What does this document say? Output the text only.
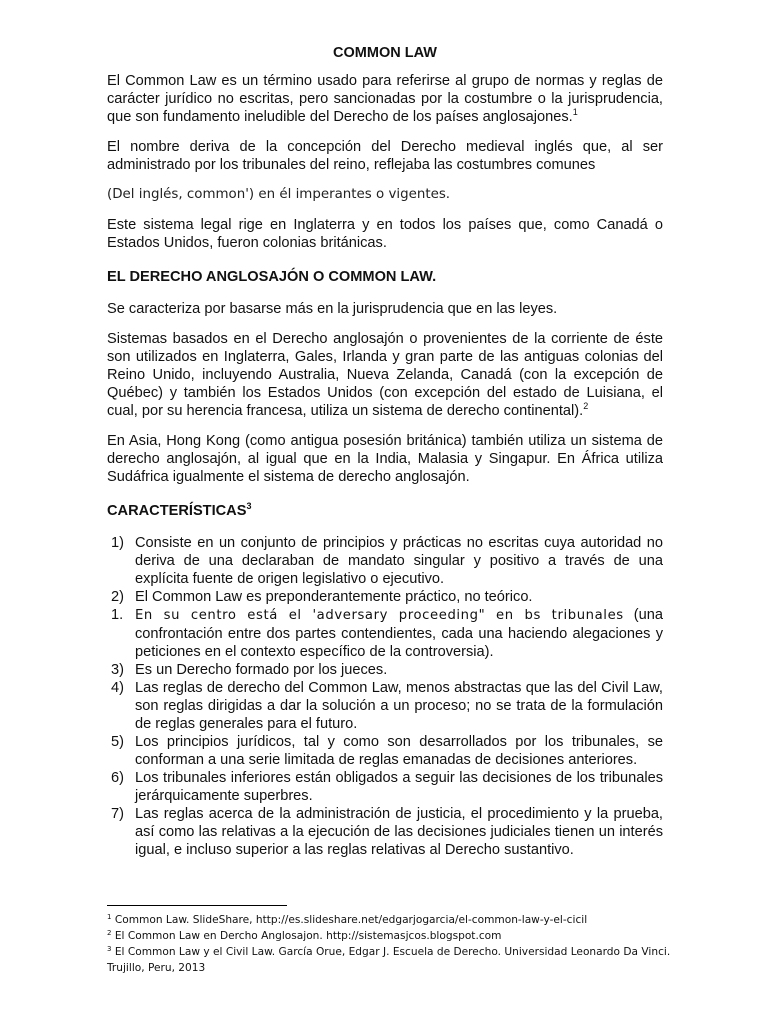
COMMON LAW

El Common Law es un término usado para referirse al grupo de normas y reglas de carácter jurídico no escritas, pero sancionadas por la costumbre o la jurisprudencia, que son fundamento ineludible del Derecho de los países anglosajones.$^1$

El nombre deriva de la concepción del Derecho medieval inglés que, al ser administrado por los tribunales del reino, reflejaba las costumbres comunes

(Del inglés, common') en él imperantes o vigentes.

Este sistema legal rige en Inglaterra y en todos los países que, como Canadá o Estados Unidos, fueron colonias británicas.

EL DERECHO ANGLOSAJÓN O COMMON LAW.

Se caracteriza por basarse más en la jurisprudencia que en las leyes.

Sistemas basados en el Derecho anglosajón o provenientes de la corriente de éste son utilizados en Inglaterra, Gales, Irlanda y gran parte de las antiguas colonias del Reino Unido, incluyendo Australia, Nueva Zelanda, Canadá (con la excepción de Québec) y también los Estados Unidos (con excepción del estado de Luisiana, el cual, por su herencia francesa, utiliza un sistema de derecho continental).$^2$

En Asia, Hong Kong (como antigua posesión británica) también utiliza un sistema de derecho anglosajón, al igual que en la India, Malasia y Singapur. En África utiliza Sudáfrica igualmente el sistema de derecho anglosajón.

CARACTERÍSTICAS$^3$
1) Consiste en un conjunto de principios y prácticas no escritas cuya autoridad no deriva de una declaraban de mandato singular y positivo a través de una explícita fuente de origen legislativo o ejecutivo.
2) El Common Law es preponderantemente práctico, no teórico.
1. En su centro está el 'adversary proceeding" en bs tribunales (una confrontación entre dos partes contendientes, cada una haciendo alegaciones y peticiones en el contexto específico de la controversia).
3) Es un Derecho formado por los jueces.
4) Las reglas de derecho del Common Law, menos abstractas que las del Civil Law, son reglas dirigidas a dar la solución a un proceso; no se trata de la formulación de reglas generales para el futuro.
5) Los principios jurídicos, tal y como son desarrollados por los tribunales, se conforman a una serie limitada de reglas emanadas de decisiones anteriores.
6) Los tribunales inferiores están obligados a seguir las decisiones de los tribunales jerárquicamente superbres.
7) Las reglas acerca de la administración de justicia, el procedimiento y la prueba, así como las relativas a la ejecución de las decisiones judiciales tienen un interés igual, e incluso superior a las reglas relativas al Derecho sustantivo.
$^1$ Common Law. SlideShare, http://es.slideshare.net/edgarjogarcia/el-common-law-y-el-cicil
$^2$ El Common Law en Dercho Anglosajon. http://sistemasjcos.blogspot.com
$^3$ El Common Law y el Civil Law. García Orue, Edgar J. Escuela de Derecho. Universidad Leonardo Da Vinci.
Trujillo, Peru, 2013
